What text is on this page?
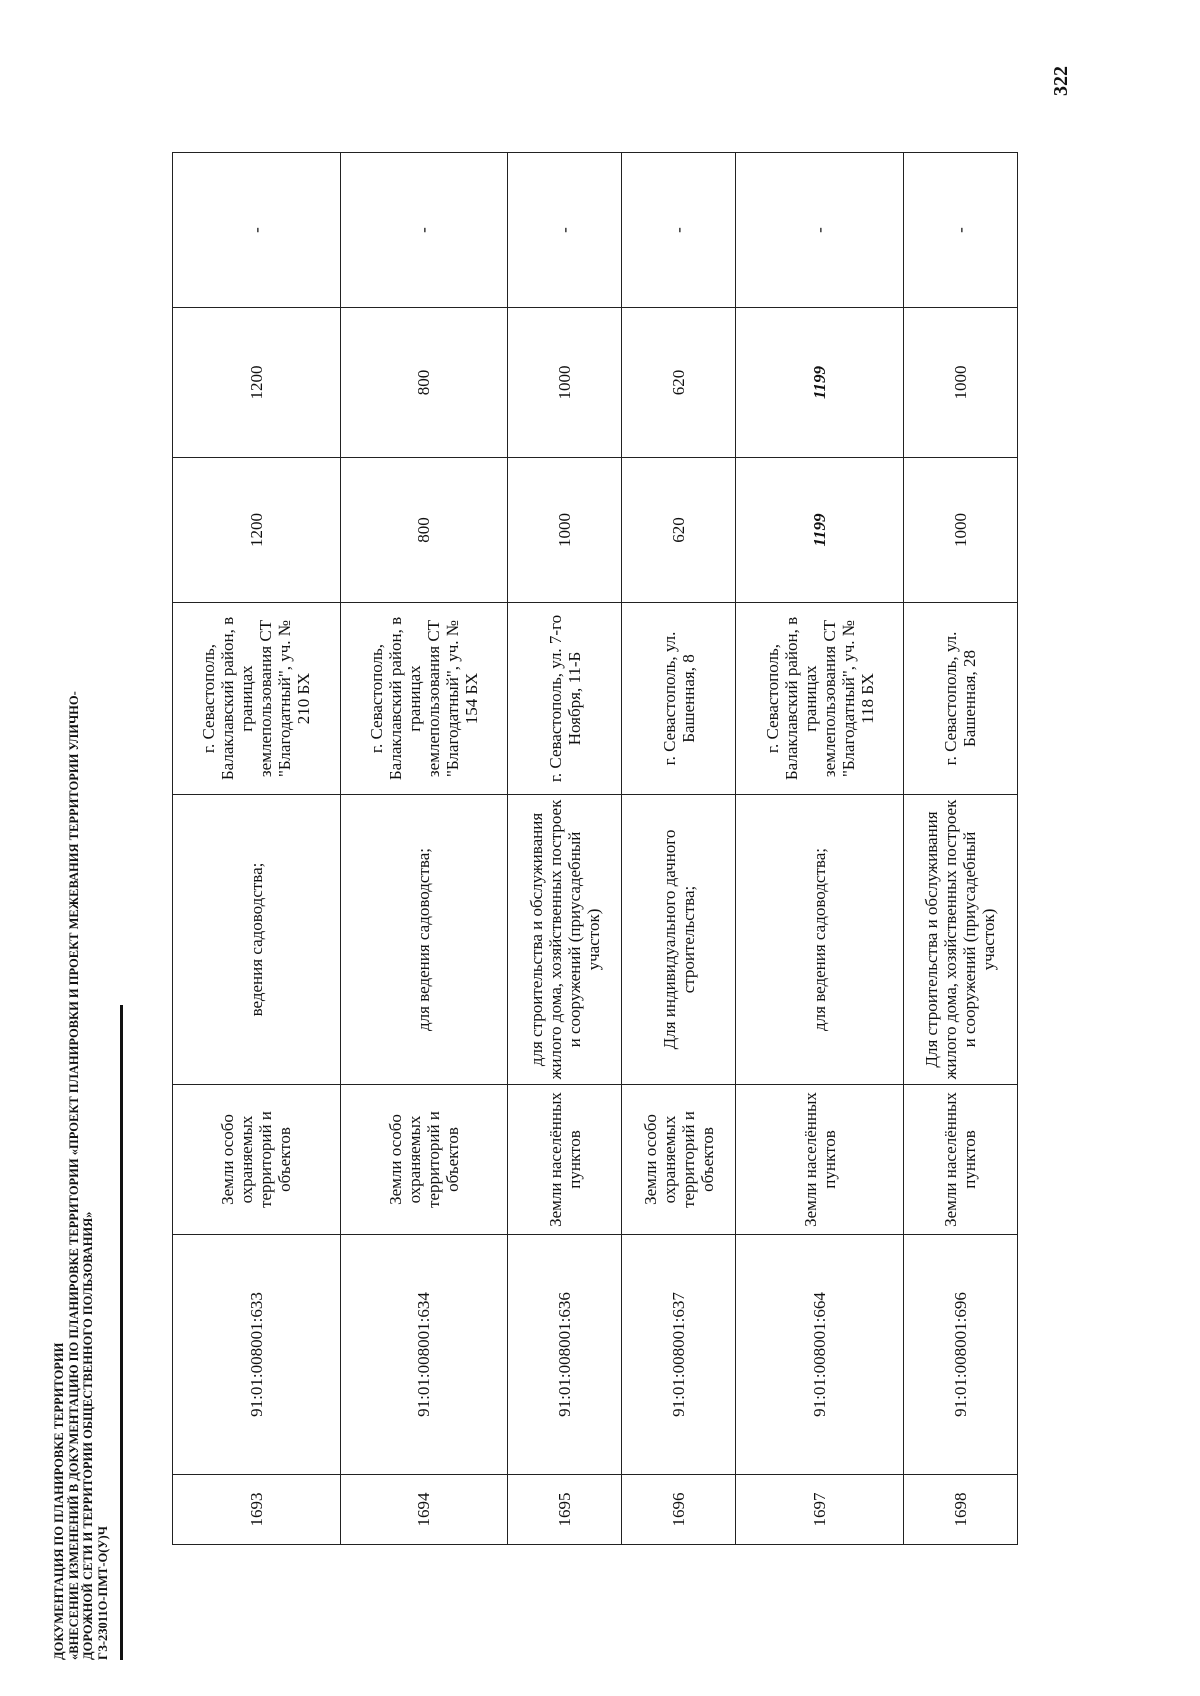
322
ДОКУМЕНТАЦИЯ ПО ПЛАНИРОВКЕ ТЕРРИТОРИИ «ВНЕСЕНИЕ ИЗМЕНЕНИЙ В ДОКУМЕНТАЦИЮ ПО ПЛАНИРОВКЕ ТЕРРИТОРИИ «ПРОЕКТ ПЛАНИРОВКИ И ПРОЕКТ МЕЖЕВАНИЯ ТЕРРИТОРИИ УЛИЧНО- ДОРОЖНОЙ СЕТИ И ТЕРРИТОРИИ ОБЩЕСТВЕННОГО ПОЛЬЗОВАНИЯ» ГЗ-23011О-ПМТ-О(У)Ч
1693	91:01:008001:633	Земли особо охраняемых территорий и объектов	ведения садоводства;	г. Севастополь, Балаклавский район, в границах землепользования СТ "Благодатный", уч. № 210 БХ	1200	1200	-
1694	91:01:008001:634	Земли особо охраняемых территорий и объектов	для ведения садоводства;	г. Севастополь, Балаклавский район, в границах землепользования СТ "Благодатный", уч. № 154 БХ	800	800	-
1695	91:01:008001:636	Земли населённых пунктов	для строительства и обслуживания жилого дома, хозяйственных построек и сооружений (приусадебный участок)	г. Севастополь, ул. 7-го Ноября, 11-Б	1000	1000	-
1696	91:01:008001:637	Земли особо охраняемых территорий и объектов	Для индивидуального дачного строительства;	г. Севастополь, ул. Башенная, 8	620	620	-
1697	91:01:008001:664	Земли населённых пунктов	для ведения садоводства;	г. Севастополь, Балаклавский район, в границах землепользования СТ "Благодатный", уч. № 118 БХ	1199	1199	-
1698	91:01:008001:696	Земли населённых пунктов	Для строительства и обслуживания жилого дома, хозяйственных построек и сооружений (приусадебный участок)	г. Севастополь, ул. Башенная, 28	1000	1000	-
